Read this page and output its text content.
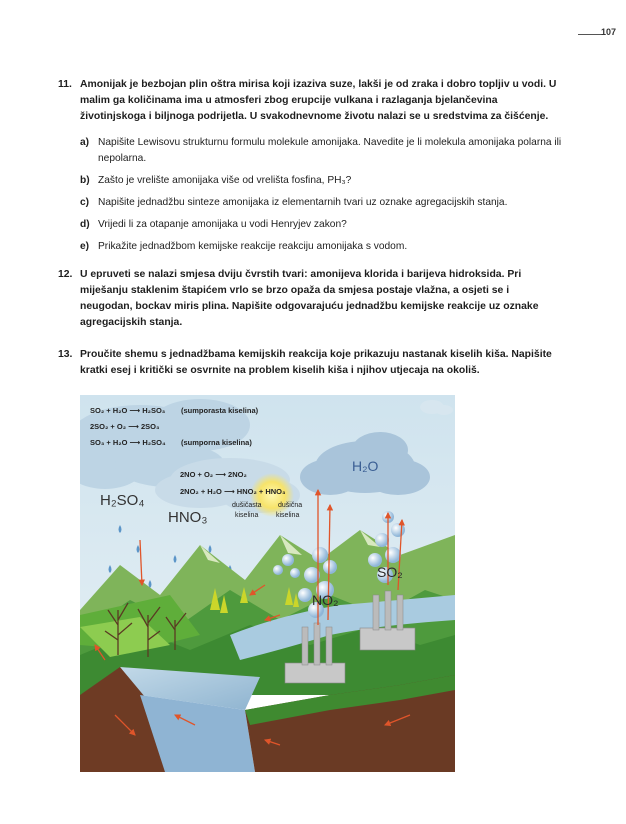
107
11. Amonijak je bezbojan plin oštra mirisa koji izaziva suze, lakši je od zraka i dobro topljiv u vodi. U malim ga količinama ima u atmosferi zbog erupcije vulkana i razlaganja bjelančevina životinjskoga i biljnoga podrijetla. U svakodnevnome životu nalazi se u sredstvima za čišćenje.
a) Napišite Lewisovu strukturnu formulu molekule amonijaka. Navedite je li molekula amonijaka polarna ili nepolarna.
b) Zašto je vrelište amonijaka više od vrelišta fosfina, PH₃?
c) Napišite jednadžbu sinteze amonijaka iz elementarnih tvari uz oznake agregacijskih stanja.
d) Vrijedi li za otapanje amonijaka u vodi Henryjev zakon?
e) Prikažite jednadžbom kemijske reakcije reakciju amonijaka s vodom.
12. U epruveti se nalazi smjesa dviju čvrstih tvari: amonijeva klorida i barijeva hidroksida. Pri miješanju staklenim štapićem vrlo se brzo opaža da smjesa postaje vlažna, a osjeti se i neugodan, bockav miris plina. Napišite odgovarajuću jednadžbu kemijske reakcije uz oznake agregacijskih stanja.
13. Proučite shemu s jednadžbama kemijskih reakcija koje prikazuju nastanak kiselih kiša. Napišite kratki esej i kritički se osvrnite na problem kiselih kiša i njihov utjecaja na okoliš.
SO₂ + H₂O ⟶ H₂SO₃ (sumporasta kiselina)
2SO₂ + O₂ ⟶ 2SO₃
SO₃ + H₂O ⟶ H₂SO₄ (sumporna kiselina)
2NO + O₂ ⟶ 2NO₂
2NO₂ + H₂O ⟶ HNO₂ + HNO₃
dušičasta
kiselina
dušična
kiselina
H₂SO₄
HNO₃
H₂O
SO₂
NO₂
